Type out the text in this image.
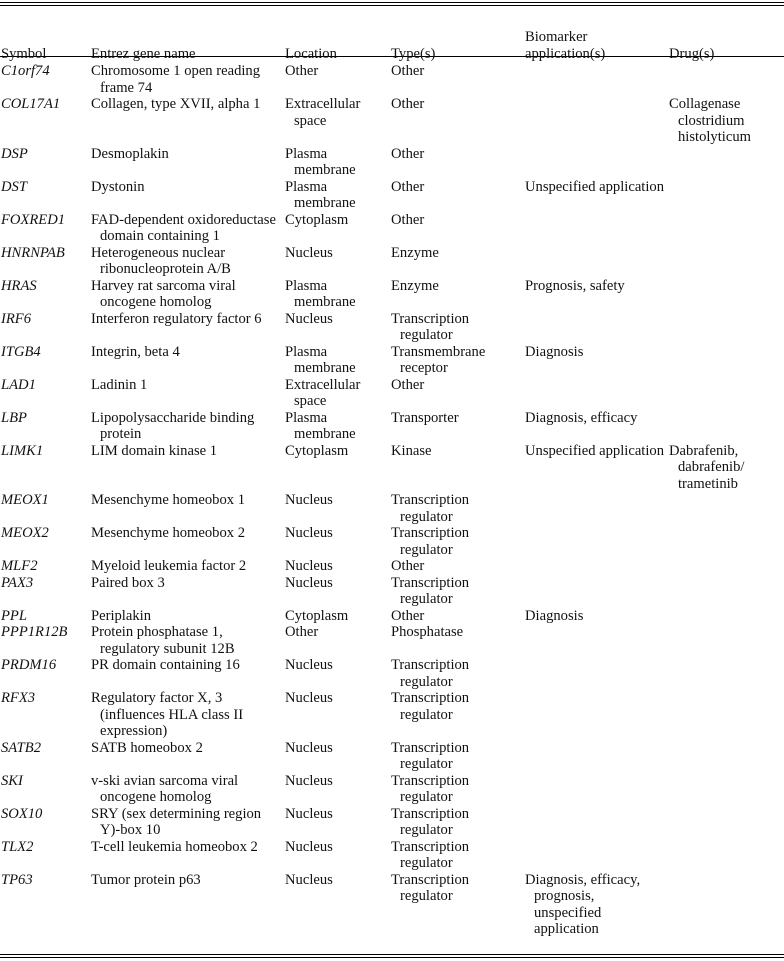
Symbol	Entrez gene name	Location	Type(s)	Biomarker application(s)	Drug(s)

C1orf74	Chromosome 1 open reading frame 74	Other	Other		

COL17A1	Collagen, type XVII, alpha 1	Extracellular space	Other		Collagenase clostridium histolyticum

DSP	Desmoplakin	Plasma membrane	Other		

DST	Dystonin	Plasma membrane	Other	Unspecified application	

FOXRED1	FAD-dependent oxidoreductase domain containing 1	Cytoplasm	Other		

HNRNPAB	Heterogeneous nuclear ribonucleoprotein A/B	Nucleus	Enzyme		

HRAS	Harvey rat sarcoma viral oncogene homolog	Plasma membrane	Enzyme	Prognosis, safety	

IRF6	Interferon regulatory factor 6	Nucleus	Transcription regulator		

ITGB4	Integrin, beta 4	Plasma membrane	Transmembrane receptor	Diagnosis	

LAD1	Ladinin 1	Extracellular space	Other		

LBP	Lipopolysaccharide binding protein	Plasma membrane	Transporter	Diagnosis, efficacy	

LIMK1	LIM domain kinase 1	Cytoplasm	Kinase	Unspecified application	Dabrafenib, dabrafenib/ trametinib

MEOX1	Mesenchyme homeobox 1	Nucleus	Transcription regulator		

MEOX2	Mesenchyme homeobox 2	Nucleus	Transcription regulator		

MLF2	Myeloid leukemia factor 2	Nucleus	Other		

PAX3	Paired box 3	Nucleus	Transcription regulator		

PPL	Periplakin	Cytoplasm	Other	Diagnosis	

PPP1R12B	Protein phosphatase 1, regulatory subunit 12B	Other	Phosphatase		

PRDM16	PR domain containing 16	Nucleus	Transcription regulator		

RFX3	Regulatory factor X, 3 (influences HLA class II expression)	Nucleus	Transcription regulator		

SATB2	SATB homeobox 2	Nucleus	Transcription regulator		

SKI	v-ski avian sarcoma viral oncogene homolog	Nucleus	Transcription regulator		

SOX10	SRY (sex determining region Y)-box 10	Nucleus	Transcription regulator		

TLX2	T-cell leukemia homeobox 2	Nucleus	Transcription regulator		

TP63	Tumor protein p63	Nucleus	Transcription regulator	Diagnosis, efficacy, prognosis, unspecified application	
